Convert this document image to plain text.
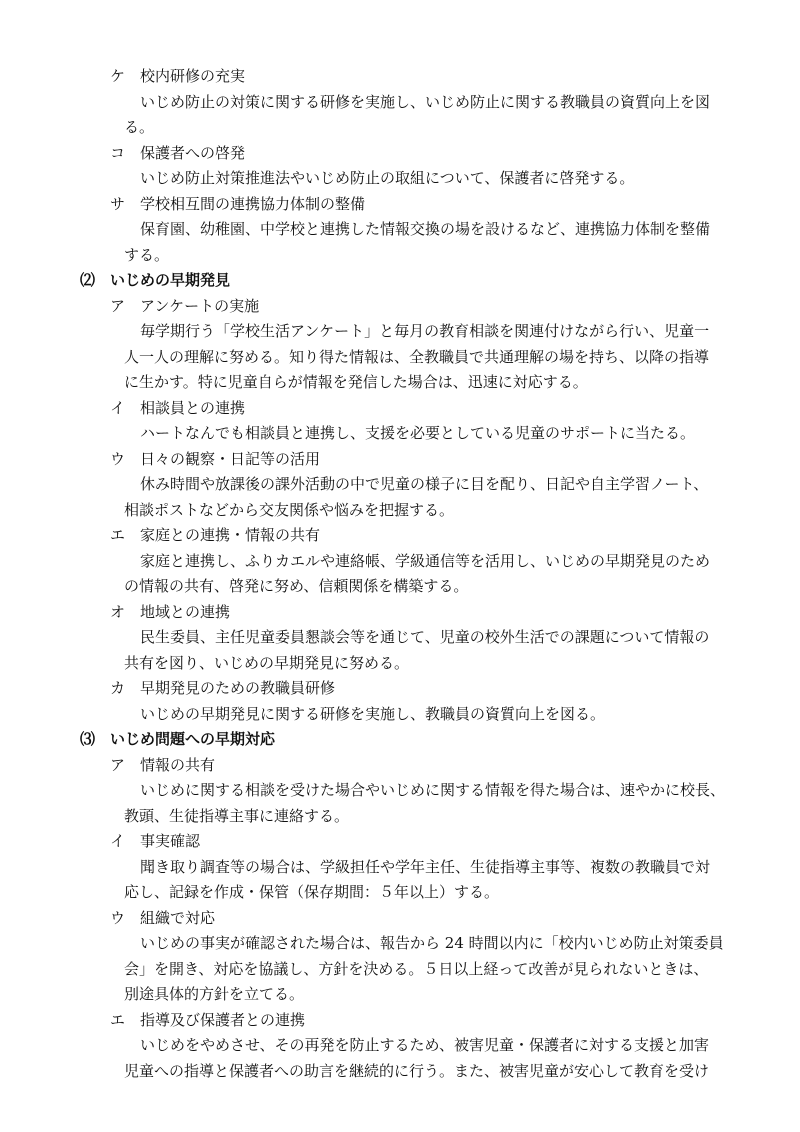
ケ　校内研修の充実
いじめ防止の対策に関する研修を実施し、いじめ防止に関する教職員の資質向上を図
る。
コ　保護者への啓発
いじめ防止対策推進法やいじめ防止の取組について、保護者に啓発する。
サ　学校相互間の連携協力体制の整備
保育園、幼稚園、中学校と連携した情報交換の場を設けるなど、連携協力体制を整備
する。
⑵　いじめの早期発見
ア　アンケートの実施
毎学期行う「学校生活アンケート」と毎月の教育相談を関連付けながら行い、児童一
人一人の理解に努める。知り得た情報は、全教職員で共通理解の場を持ち、以降の指導
に生かす。特に児童自らが情報を発信した場合は、迅速に対応する。
イ　相談員との連携
ハートなんでも相談員と連携し、支援を必要としている児童のサポートに当たる。
ウ　日々の観察・日記等の活用
休み時間や放課後の課外活動の中で児童の様子に目を配り、日記や自主学習ノート、
相談ポストなどから交友関係や悩みを把握する。
エ　家庭との連携・情報の共有
家庭と連携し、ふりカエルや連絡帳、学級通信等を活用し、いじめの早期発見のため
の情報の共有、啓発に努め、信頼関係を構築する。
オ　地域との連携
民生委員、主任児童委員懇談会等を通じて、児童の校外生活での課題について情報の
共有を図り、いじめの早期発見に努める。
カ　早期発見のための教職員研修
いじめの早期発見に関する研修を実施し、教職員の資質向上を図る。
⑶　いじめ問題への早期対応
ア　情報の共有
いじめに関する相談を受けた場合やいじめに関する情報を得た場合は、速やかに校長、
教頭、生徒指導主事に連絡する。
イ　事実確認
聞き取り調査等の場合は、学級担任や学年主任、生徒指導主事等、複数の教職員で対
応し、記録を作成・保管（保存期間：５年以上）する。
ウ　組織で対応
いじめの事実が確認された場合は、報告から 24 時間以内に「校内いじめ防止対策委員
会」を開き、対応を協議し、方針を決める。５日以上経って改善が見られないときは、
別途具体的方針を立てる。
エ　指導及び保護者との連携
いじめをやめさせ、その再発を防止するため、被害児童・保護者に対する支援と加害
児童への指導と保護者への助言を継続的に行う。また、被害児童が安心して教育を受け
